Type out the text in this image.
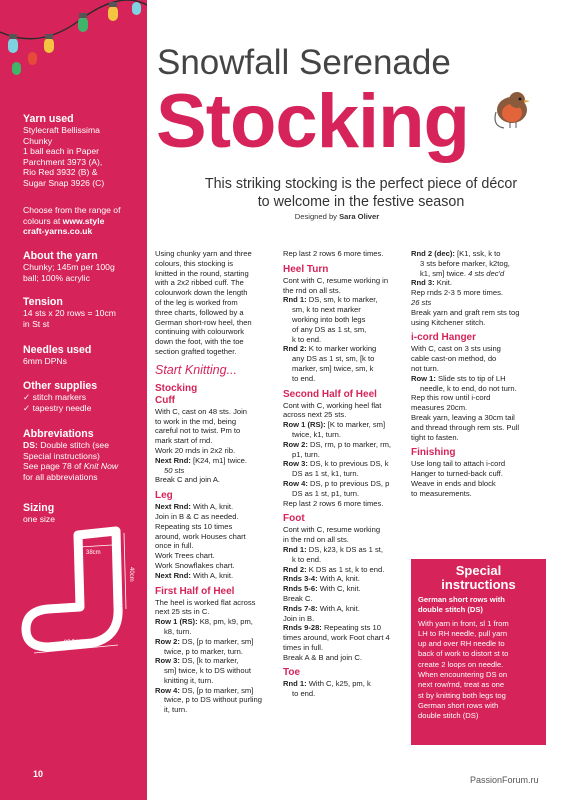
Yarn used

Stylecraft Bellissima

Chunky

1 ball each in Paper

Parchment 3973 (A),

Rio Red 3932 (B) &

Sugar Snap 3926 (C)

Choose from the range of

colours at www.style

craft-yarns.co.uk

About the yarn

Chunky; 145m per 100g

ball; 100% acrylic

Tension

14 sts x 20 rows = 10cm

in St st

Needles used

6mm DPNs

Other supplies

✓ stitch markers

✓ tapestry needle

Abbreviations

DS: Double stitch (see

Special instructions)

See page 78 of Knit Now

for all abbreviations

Sizing

one size

38cm
40cm
29.5cm
10
Snowfall Serenade
Stocking
This striking stocking is the perfect piece of décor
to welcome in the festive season
Designed by Sara Oliver

Using chunky yarn and three

colours, this stocking is

knitted in the round, starting

with a 2x2 ribbed cuff. The

colourwork down the length

of the leg is worked from

three charts, followed by a

German short-row heel, then

continuing with colourwork

down the foot, with the toe

section grafted together.

Start Knitting...

Stocking

Cuff

With C, cast on 48 sts. Join

to work in the rnd, being

careful not to twist. Pm to

mark start of rnd.

Work 20 rnds in 2x2 rib.

Next Rnd: [K24, m1] twice.

50 sts

Break C and join A.

Leg

Next Rnd: With A, knit.

Join in B & C as needed.

Repeating sts 10 times

around, work Houses chart

once in full.

Work Trees chart.

Work Snowflakes chart.

Next Rnd: With A, knit.

First Half of Heel

The heel is worked flat across

next 25 sts in C.

Row 1 (RS): K8, pm, k9, pm,

k8, turn.

Row 2: DS, [p to marker, sm]

twice, p to marker, turn.

Row 3: DS, [k to marker,

sm] twice, k to DS without

knitting it, turn.

Row 4: DS, [p to marker, sm]

twice, p to DS without purling

it, turn.

Rep last 2 rows 6 more times.

Heel Turn

Cont with C, resume working in

the rnd on all sts.

Rnd 1: DS, sm, k to marker,

sm, k to next marker

working into both legs

of any DS as 1 st, sm,

k to end.

Rnd 2: K to marker working

any DS as 1 st, sm, [k to

marker, sm] twice, sm, k

to end.

Second Half of Heel

Cont with C, working heel flat

across next 25 sts.

Row 1 (RS): [K to marker, sm]

twice, k1, turn.

Row 2: DS, rm, p to marker, rm,

p1, turn.

Row 3: DS, k to previous DS, k

DS as 1 st, k1, turn.

Row 4: DS, p to previous DS, p

DS as 1 st, p1, turn.

Rep last 2 rows 6 more times.

Foot

Cont with C, resume working

in the rnd on all sts.

Rnd 1: DS, k23, k DS as 1 st,

k to end.

Rnd 2: K DS as 1 st, k to end.

Rnds 3-4: With A, knit.

Rnds 5-6: With C, knit.

Break C.

Rnds 7-8: With A, knit.

Join in B.

Rnds 9-28: Repeating sts 10

times around, work Foot chart 4

times in full.

Break A & B and join C.

Toe

Rnd 1: With C, k25, pm, k

to end.

Rnd 2 (dec): [K1, ssk, k to

3 sts before marker, k2tog,

k1, sm] twice. 4 sts dec'd

Rnd 3: Knit.

Rep rnds 2-3 5 more times.

26 sts

Break yarn and graft rem sts tog

using Kitchener stitch.

i-cord Hanger

With C, cast on 3 sts using

cable cast-on method, do

not turn.

Row 1: Slide sts to tip of LH

needle, k to end, do not turn.

Rep this row until i-cord

measures 20cm.

Break yarn, leaving a 30cm tail

and thread through rem sts. Pull

tight to fasten.

Finishing

Use long tail to attach i-cord

Hanger to turned-back cuff.

Weave in ends and block

to measurements.

Special
instructions
German short rows with
double stitch (DS)
With yarn in front, sl 1 from
LH to RH needle, pull yarn
up and over RH needle to
back of work to distort st to
create 2 loops on needle.
When encountering DS on
next row/rnd, treat as one
st by knitting both legs tog
German short rows with
double stitch (DS)
PassionForum.ru
